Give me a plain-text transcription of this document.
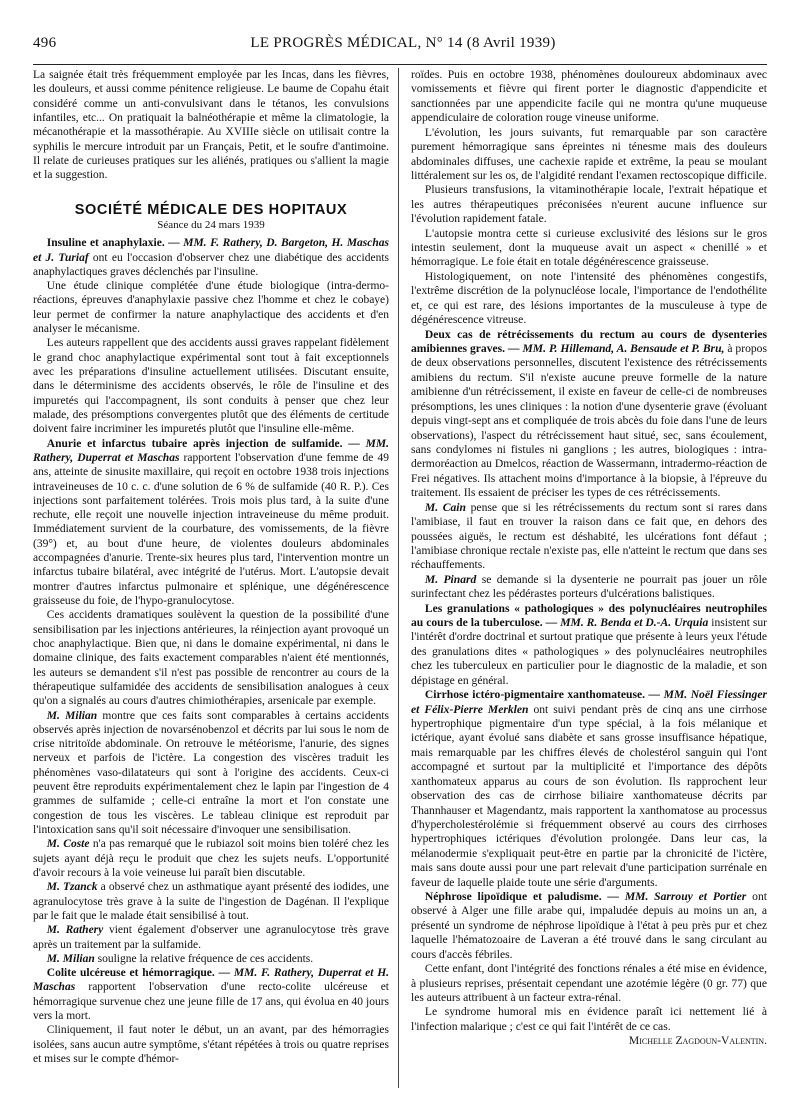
496	LE PROGRÈS MÉDICAL, N° 14 (8 Avril 1939)

La saignée était très fréquemment employée par les Incas, dans les fièvres, les douleurs, et aussi comme pénitence religieuse. Le baume de Copahu était considéré comme un anti-convulsivant dans le tétanos, les convulsions infantiles, etc... On pratiquait la balnéothérapie et même la climatologie, la mécanothérapie et la massothérapie. Au XVIIIe siècle on utilisait contre la syphilis le mercure introduit par un Français, Petit, et le soufre d'antimoine. Il relate de curieuses pratiques sur les aliénés, pratiques ou s'allient la magie et la suggestion.

SOCIÉTÉ MÉDICALE DES HOPITAUX
Séance du 24 mars 1939

Insuline et anaphylaxie. — MM. F. Rathery, D. Bargeton, H. Maschas et J. Turiaf ont eu l'occasion d'observer chez une diabétique des accidents anaphylactiques graves déclenchés par l'insuline.

Une étude clinique complétée d'une étude biologique (intra-dermo-réactions, épreuves d'anaphylaxie passive chez l'homme et chez le cobaye) leur permet de confirmer la nature anaphylactique des accidents et d'en analyser le mécanisme.

Les auteurs rappellent que des accidents aussi graves rappelant fidèlement le grand choc anaphylactique expérimental sont tout à fait exceptionnels avec les préparations d'insuline actuellement utilisées. Discutant ensuite, dans le déterminisme des accidents observés, le rôle de l'insuline et des impuretés qui l'accompagnent, ils sont conduits à penser que chez leur malade, des présomptions convergentes plutôt que des éléments de certitude doivent faire incriminer les impuretés plutôt que l'insuline elle-même.

Anurie et infarctus tubaire après injection de sulfamide. — MM. Rathery, Duperrat et Maschas rapportent l'observation d'une femme de 49 ans, atteinte de sinusite maxillaire, qui reçoit en octobre 1938 trois injections intraveineuses de 10 c. c. d'une solution de 6 % de sulfamide (40 R. P.). Ces injections sont parfaitement tolérées. Trois mois plus tard, à la suite d'une rechute, elle reçoit une nouvelle injection intraveineuse du même produit. Immédiatement survient de la courbature, des vomissements, de la fièvre (39°) et, au bout d'une heure, de violentes douleurs abdominales accompagnées d'anurie. Trente-six heures plus tard, l'intervention montre un infarctus tubaire bilatéral, avec intégrité de l'utérus. Mort. L'autopsie devait montrer d'autres infarctus pulmonaire et splénique, une dégénérescence graisseuse du foie, de l'hypo-granulocytose.

Ces accidents dramatiques soulèvent la question de la possibilité d'une sensibilisation par les injections antérieures, la réinjection ayant provoqué un choc anaphylactique. Bien que, ni dans le domaine expérimental, ni dans le domaine clinique, des faits exactement comparables n'aient été mentionnés, les auteurs se demandent s'il n'est pas possible de rencontrer au cours de la thérapeutique sulfamidée des accidents de sensibilisation analogues à ceux qu'on a signalés au cours d'autres chimiothérapies, arsenicale par exemple.

M. Milian montre que ces faits sont comparables à certains accidents observés après injection de novarsénobenzol et décrits par lui sous le nom de crise nitritoïde abdominale. On retrouve le météorisme, l'anurie, des signes nerveux et parfois de l'ictère. La congestion des viscères traduit les phénomènes vaso-dilatateurs qui sont à l'origine des accidents. Ceux-ci peuvent être reproduits expérimentalement chez le lapin par l'ingestion de 4 grammes de sulfamide ; celle-ci entraîne la mort et l'on constate une congestion de tous les viscères. Le tableau clinique est reproduit par l'intoxication sans qu'il soit nécessaire d'invoquer une sensibilisation.

M. Coste n'a pas remarqué que le rubiazol soit moins bien toléré chez les sujets ayant déjà reçu le produit que chez les sujets neufs. L'opportunité d'avoir recours à la voie veineuse lui paraît bien discutable.

M. Tzanck a observé chez un asthmatique ayant présenté des iodides, une agranulocytose très grave à la suite de l'ingestion de Dagénan. Il l'explique par le fait que le malade était sensibilisé à tout.

M. Rathery vient également d'observer une agranulocytose très grave après un traitement par la sulfamide.

M. Milian souligne la relative fréquence de ces accidents.

Colite ulcéreuse et hémorragique. — MM. F. Rathery, Duperrat et H. Maschas rapportent l'observation d'une recto-colite ulcéreuse et hémorragique survenue chez une jeune fille de 17 ans, qui évolua en 40 jours vers la mort.

Cliniquement, il faut noter le début, un an avant, par des hémorragies isolées, sans aucun autre symptôme, s'étant répétées à trois ou quatre reprises et mises sur le compte d'hémor-

roïdes. Puis en octobre 1938, phénomènes douloureux abdominaux avec vomissements et fièvre qui firent porter le diagnostic d'appendicite et sanctionnées par une appendicite facile qui ne montra qu'une muqueuse appendiculaire de coloration rouge vineuse uniforme.

L'évolution, les jours suivants, fut remarquable par son caractère purement hémorragique sans épreintes ni ténesme mais des douleurs abdominales diffuses, une cachexie rapide et extrême, la peau se moulant littéralement sur les os, de l'algidité rendant l'examen rectoscopique difficile.

Plusieurs transfusions, la vitaminothérapie locale, l'extrait hépatique et les autres thérapeutiques préconisées n'eurent aucune influence sur l'évolution rapidement fatale.

L'autopsie montra cette si curieuse exclusivité des lésions sur le gros intestin seulement, dont la muqueuse avait un aspect « chenillé » et hémorragique. Le foie était en totale dégénérescence graisseuse.

Histologiquement, on note l'intensité des phénomènes congestifs, l'extrême discrétion de la polynucléose locale, l'importance de l'endothélite et, ce qui est rare, des lésions importantes de la musculeuse à type de dégénérescence vitreuse.

Deux cas de rétrécissements du rectum au cours de dysenteries amibiennes graves. — MM. P. Hillemand, A. Bensaude et P. Bru, à propos de deux observations personnelles, discutent l'existence des rétrécissements amibiens du rectum. S'il n'existe aucune preuve formelle de la nature amibienne d'un rétrécissement, il existe en faveur de celle-ci de nombreuses présomptions, les unes cliniques : la notion d'une dysenterie grave (évoluant depuis vingt-sept ans et compliquée de trois abcès du foie dans l'une de leurs observations), l'aspect du rétrécissement haut situé, sec, sans écoulement, sans condylomes ni fistules ni ganglions ; les autres, biologiques : intra-dermoréaction au Dmelcos, réaction de Wassermann, intradermo-réaction de Frei négatives. Ils attachent moins d'importance à la biopsie, à l'épreuve du traitement. Ils essaient de préciser les types de ces rétrécissements.

M. Cain pense que si les rétrécissements du rectum sont si rares dans l'amibiase, il faut en trouver la raison dans ce fait que, en dehors des poussées aiguës, le rectum est déshabité, les ulcérations font défaut ; l'amibiase chronique rectale n'existe pas, elle n'atteint le rectum que dans ses réchauffements.

M. Pinard se demande si la dysenterie ne pourrait pas jouer un rôle surinfectant chez les pédérastes porteurs d'ulcérations balistiques.

Les granulations « pathologiques » des polynucléaires neutrophiles au cours de la tuberculose. — MM. R. Benda et D.-A. Urquia insistent sur l'intérêt d'ordre doctrinal et surtout pratique que présente à leurs yeux l'étude des granulations dites « pathologiques » des polynucléaires neutrophiles chez les tuberculeux en particulier pour le diagnostic de la maladie, et son dépistage en général.

Cirrhose ictéro-pigmentaire xanthomateuse. — MM. Noël Fiessinger et Félix-Pierre Merklen ont suivi pendant près de cinq ans une cirrhose hypertrophique pigmentaire d'un type spécial, à la fois mélanique et ictérique, ayant évolué sans diabète et sans grosse insuffisance hépatique, mais remarquable par les chiffres élevés de cholestérol sanguin qui l'ont accompagné et surtout par la multiplicité et l'importance des dépôts xanthomateux apparus au cours de son évolution. Ils rapprochent leur observation des cas de cirrhose biliaire xanthomateuse décrits par Thannhauser et Magendantz, mais rapportent la xanthomatose au processus d'hypercholestérolémie si fréquemment observé au cours des cirrhoses hypertrophiques ictériques d'évolution prolongée. Dans leur cas, la mélanodermie s'expliquait peut-être en partie par la chronicité de l'ictère, mais sans doute aussi pour une part relevait d'une participation surrénale en faveur de laquelle plaide toute une série d'arguments.

Néphrose lipoïdique et paludisme. — MM. Sarrouy et Portier ont observé à Alger une fille arabe qui, impaludée depuis au moins un an, a présenté un syndrome de néphrose lipoïdique à l'état à peu près pur et chez laquelle l'hématozoaire de Laveran a été trouvé dans le sang circulant au cours d'accès fébriles.

Cette enfant, dont l'intégrité des fonctions rénales a été mise en évidence, à plusieurs reprises, présentait cependant une azotémie légère (0 gr. 77) que les auteurs attribuent à un facteur extra-rénal.

Le syndrome humoral mis en évidence paraît ici nettement lié à l'infection malarique ; c'est ce qui fait l'intérêt de ce cas.

Michelle Zagdoun-Valentin.
